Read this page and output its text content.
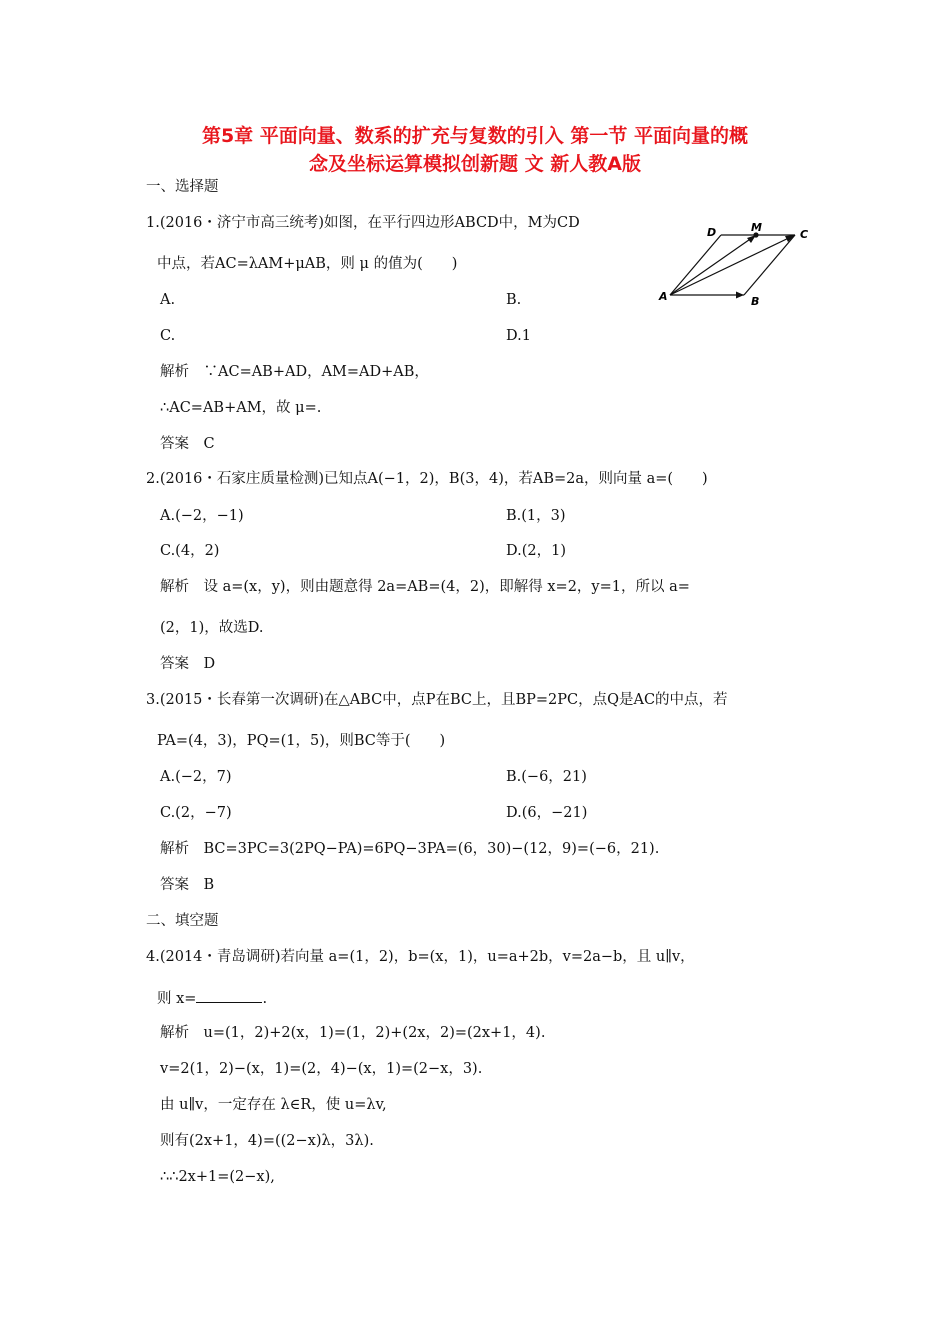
第5章 平面向量、数系的扩充与复数的引入 第一节 平面向量的概
念及坐标运算模拟创新题 文 新人教A版
一、选择题
1.(2016・济宁市高三统考)如图，在平行四边形ABCD中，M为CD
中点，若AC=λAM+μAB，则 μ 的值为(　　)
D	M
C
A	B
A.	B.
C.	D.1
解析　∵AC=AB+AD，AM=AD+AB，
∴AC=AB+AM，故 μ=.
答案　C
2.(2016・石家庄质量检测)已知点A(−1，2)，B(3，4)，若AB=2a，则向量 a=(　　)
A.(−2，−1)	B.(1，3)
C.(4，2)	D.(2，1)
解析　设 a=(x，y)，则由题意得 2a=AB=(4，2)，即解得 x=2，y=1，所以 a=
(2，1)，故选D.
答案　D
3.(2015・长春第一次调研)在△ABC中，点P在BC上，且BP=2PC，点Q是AC的中点，若
PA=(4，3)，PQ=(1，5)，则BC等于(　　)
A.(−2，7)	B.(−6，21)
C.(2，−7)	D.(6，−21)
解析　BC=3PC=3(2PQ−PA)=6PQ−3PA=(6，30)−(12，9)=(−6，21).
答案　B
二、填空题
4.(2014・青岛调研)若向量 a=(1，2)，b=(x，1)，u=a+2b，v=2a−b，且 u∥v，
则 x=	.
解析　u=(1，2)+2(x，1)=(1，2)+(2x，2)=(2x+1，4).
v=2(1，2)−(x，1)=(2，4)−(x，1)=(2−x，3).
由 u∥v，一定存在 λ∈R，使 u=λv,
则有(2x+1，4)=((2−x)λ，3λ).
∴∴2x+1=(2−x),
